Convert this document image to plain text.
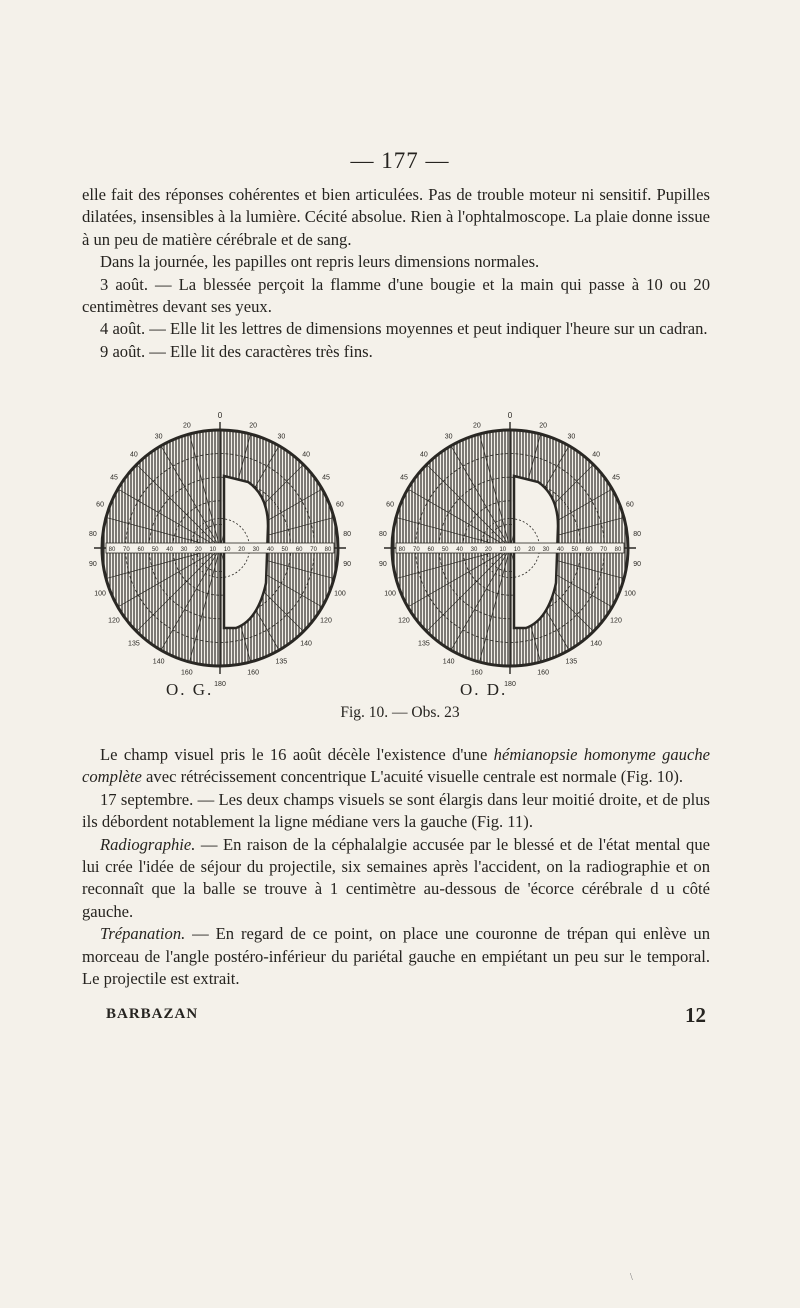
— 177 —

elle fait des réponses cohérentes et bien articulées. Pas de trouble moteur ni sensitif. Pupilles dilatées, insensibles à la lumière. Cécité absolue. Rien à l'ophtalmoscope. La plaie donne issue à un peu de matière cérébrale et de sang.

Dans la journée, les papilles ont repris leurs dimensions normales.

3 août. — La blessée perçoit la flamme d'une bougie et la main qui passe à 10 ou 20 centimètres devant ses yeux.

4 août. — Elle lit les lettres de dimensions moyennes et peut indiquer l'heure sur un cadran.

9 août. — Elle lit des caractères très fins.

80 70 60 50 40 30 20 10 10 20 30 40 50 60 70 80
0
180
20
30
40
45
60
80
90
100
120
135
140
160	160
135
140
120
100
90
80
60
45
40
30
20
80 70 60 50 40 30 20 10 10 20 30 40 50 60 70 80
0
180
20
30
40
45
60
80
90
100
120
135
140
160	160
135
140
120
100
90
80
60
45
40
30
20
O. G.	O. D.
Fig. 10. — Obs. 23

Le champ visuel pris le 16 août décèle l'existence d'une hémianopsie homonyme gauche complète avec rétrécissement concentrique L'acuité visuelle centrale est normale (Fig. 10).

17 septembre. — Les deux champs visuels se sont élargis dans leur moitié droite, et de plus ils débordent notablement la ligne médiane vers la gauche (Fig. 11).

Radiographie. — En raison de la céphalalgie accusée par le blessé et de l'état mental que lui crée l'idée de séjour du projectile, six semaines après l'accident, on la radiographie et on reconnaît que la balle se trouve à 1 centimètre au-dessous de 'écorce cérébrale d u côté gauche.

Trépanation. — En regard de ce point, on place une couronne de trépan qui enlève un morceau de l'angle postéro-inférieur du pariétal gauche en empiétant un peu sur le temporal. Le projectile est extrait.

BARBAZAN	12
\
